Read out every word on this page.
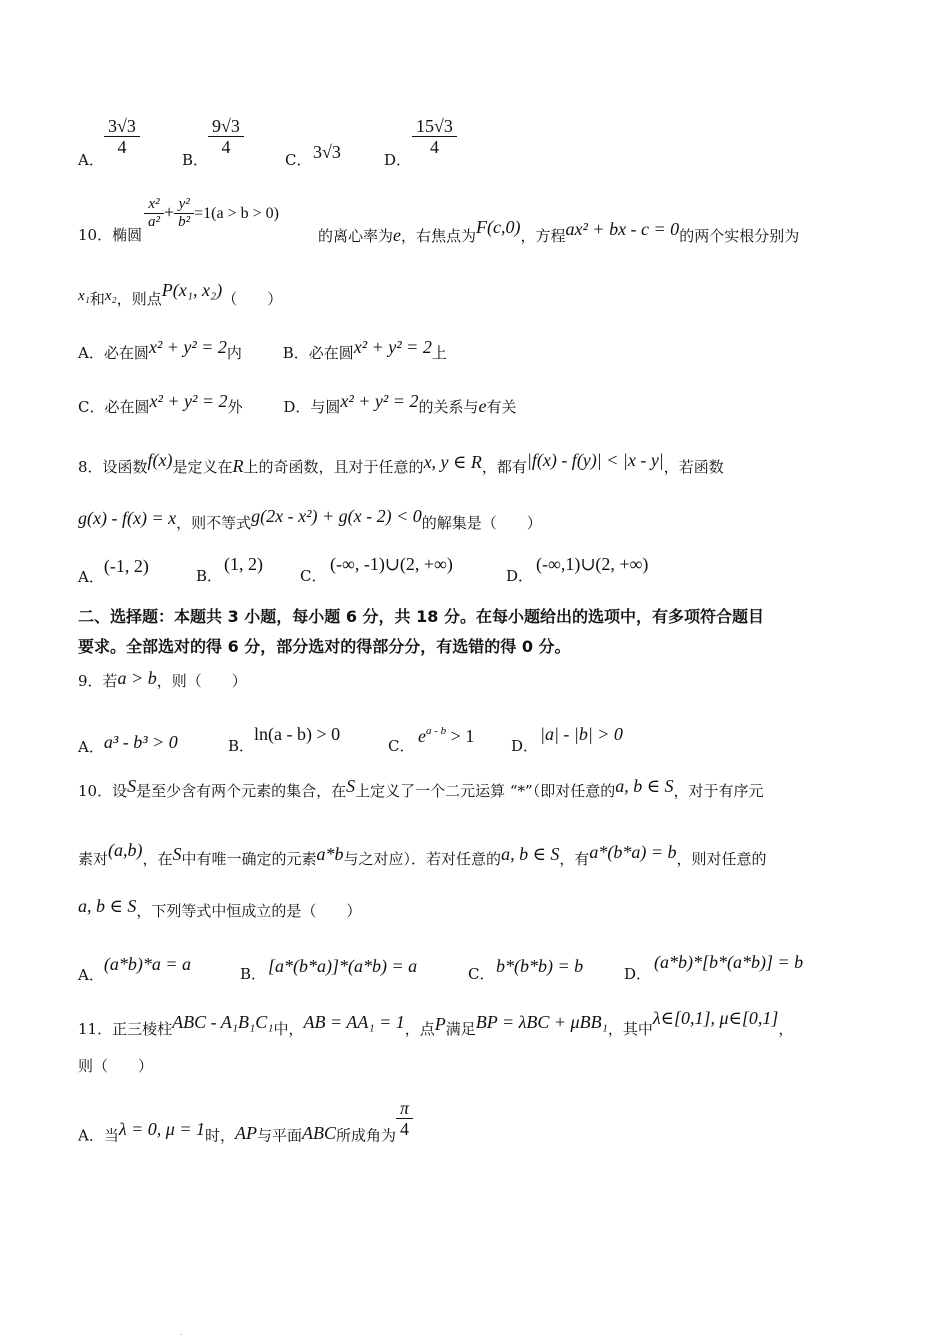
A．
$\frac{3√3}{4}$
B．
$\frac{9√3}{4}$
C． 3√3	D．
$\frac{15√3}{4}$
10．椭圆
$\frac{\text{x²}}{\text{a²}} + \frac{\text{y²}}{\text{b²}} =1(a > b > 0)$
的离心率为e，右焦点为F(c,0)，方程ax² + bx - c = 0的两个实根分别为
x₁和x₂，则点P(x₁, x₂)（　　）
A．必在圆x² + y² = 2内	B．必在圆x² + y² = 2上
C．必在圆x² + y² = 2外	D．与圆x² + y² = 2的关系与e有关
8．设函数f(x)是定义在R上的奇函数，且对于任意的x, y ∈ R，都有|f(x) - f(y)| < |x - y|，若函数
g(x) - f(x) = x，则不等式g(2x - x²) + g(x - 2) < 0的解集是（　　）
A．(-1, 2)	B．
(1, 2)
C．
(-∞, -1)∪(2, +∞)
D．
(-∞,1)∪(2, +∞)
二、选择题：本题共 3 小题，每小题 6 分，共 18 分。在每小题给出的选项中，有多项符合题目
要求。全部选对的得 6 分，部分选对的得部分分，有选错的得 0 分。
9．若a > b，则（　　）
A．a³ - b³ > 0	B．
ln(a - b) > 0
C． $e^{a - b} > 1$ D．
|a| - |b| > 0
10．设S是至少含有两个元素的集合，在S上定义了一个二元运算 “*”（即对任意的a, b ∈ S，对于有序元
素对(a,b)，在S中有唯一确定的元素a*b与之对应）．若对任意的a, b ∈ S，有a*(b*a) = b，则对任意的
a, b ∈ S，下列等式中恒成立的是（　　）
A．(a*b)*a = a	B． [a*(b*a)]*(a*b) = a	C． b*(b*b) = b	D．
(a*b)*[b*(a*b)] = b
11．正三棱柱ABC - A₁B₁C₁中，AB = AA₁ = 1，点P满足BP = λBC + μBB₁，其中λ∈[0,1], μ∈[0,1]，
则（　　）
A．当λ = 0, μ = 1时，AP与平面ABC所成角为 $\frac{\pi}{4}$
.
